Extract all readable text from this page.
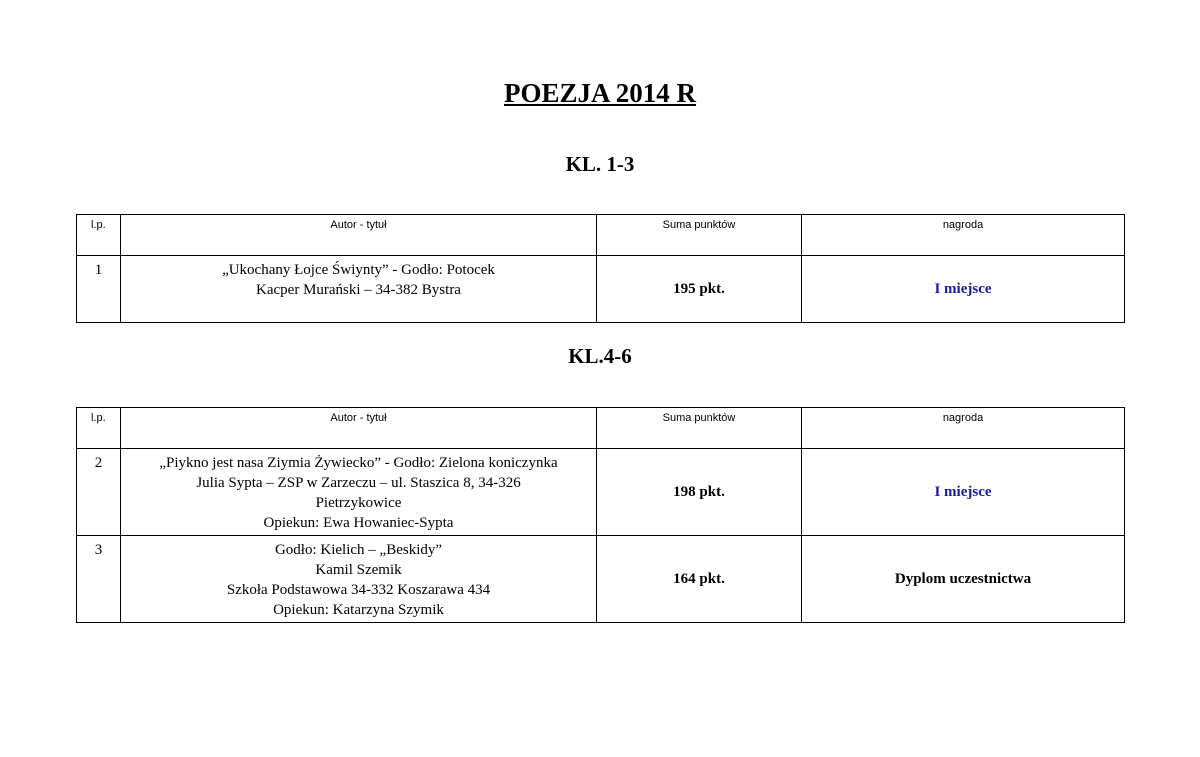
POEZJA 2014 R
KL. 1-3
l.p.	Autor - tytuł	Suma punktów	nagroda
1	„Ukochany Łojce Świynty” - Godło: Potocek
Kacper Murański – 34-382 Bystra	195 pkt.	I miejsce
KL.4-6
l.p.	Autor - tytuł	Suma punktów	nagroda
2	„Piykno jest nasa Ziymia Żywiecko” - Godło: Zielona koniczynka
Julia Sypta – ZSP w Zarzeczu – ul. Staszica 8, 34-326
Pietrzykowice
Opiekun: Ewa Howaniec-Sypta	198 pkt.	I miejsce
3	Godło: Kielich – „Beskidy”
Kamil Szemik
Szkoła Podstawowa 34-332 Koszarawa 434
Opiekun: Katarzyna Szymik	164 pkt.	Dyplom uczestnictwa
